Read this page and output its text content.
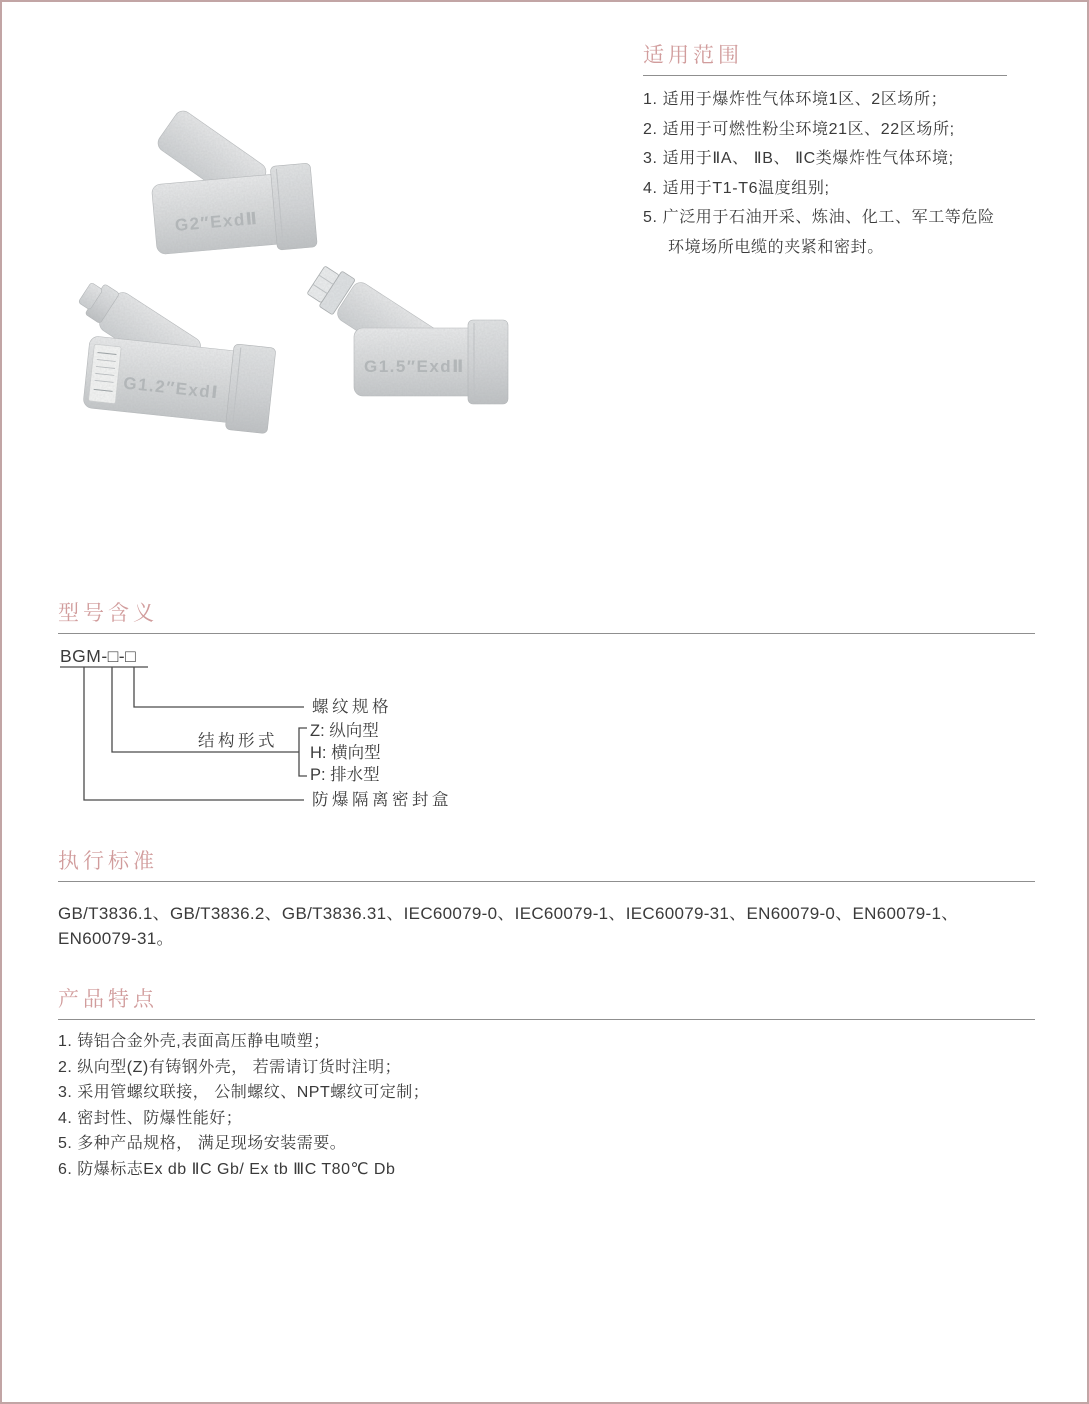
适用范围
1. 适用于爆炸性气体环境1区、2区场所；
2. 适用于可燃性粉尘环境21区、22区场所;
3. 适用于ⅡA、 ⅡB、 ⅡC类爆炸性气体环境;
4. 适用于T1-T6温度组别;
5. 广泛用于石油开采、炼油、化工、军工等危险环境场所电缆的夹紧和密封。
G2″ExdⅡ
G1.2″ExdⅠ
G1.5″ExdⅡ
型号含义
BGM-□-□
防爆隔离密封盒
结构形式
Z: 纵向型
H: 横向型
P: 排水型
螺纹规格
执行标准

GB/T3836.1、GB/T3836.2、GB/T3836.31、IEC60079-0、IEC60079-1、IEC60079-31、EN60079-0、EN60079-1、EN60079-31。

产品特点
1. 铸铝合金外壳,表面高压静电喷塑；
2. 纵向型(Z)有铸钢外壳， 若需请订货时注明；
3. 采用管螺纹联接， 公制螺纹、NPT螺纹可定制；
4. 密封性、防爆性能好；
5. 多种产品规格， 满足现场安装需要。
6. 防爆标志Ex db ⅡC Gb/ Ex tb ⅢC T80℃ Db
